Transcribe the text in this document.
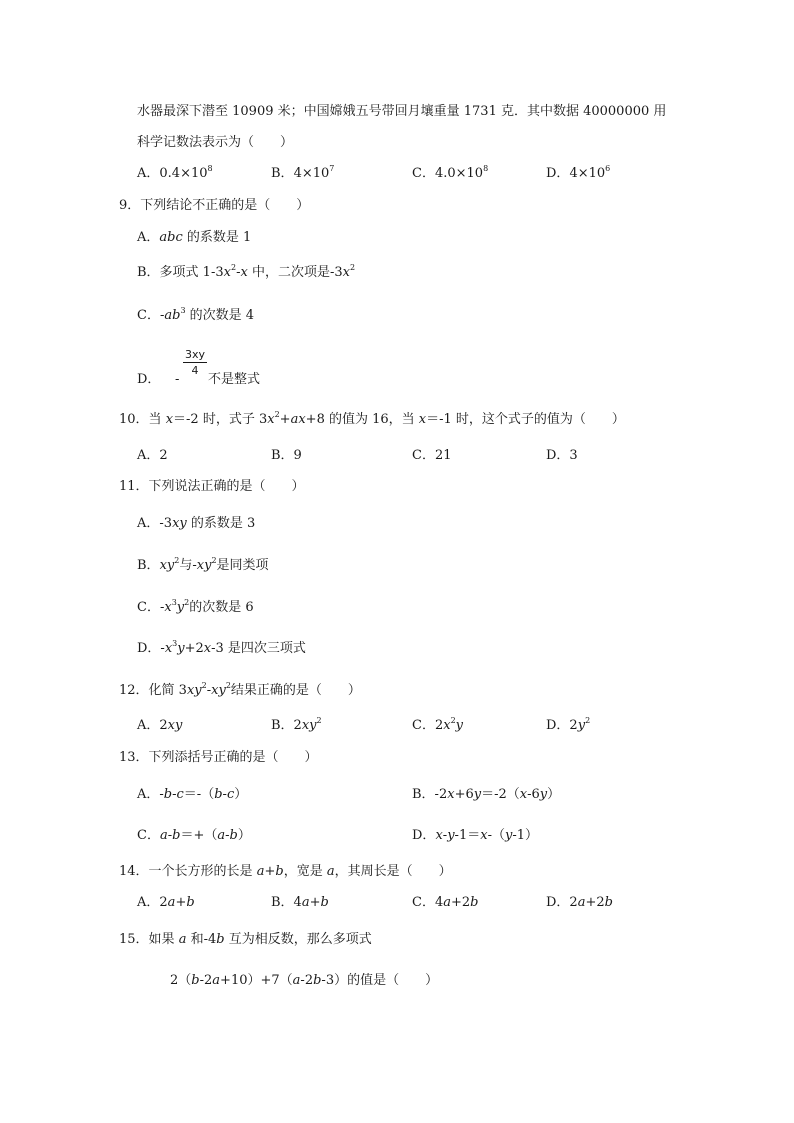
水器最深下潜至 10909 米；中国嫦娥五号带回月壤重量 1731 克．其中数据 40000000 用
科学记数法表示为（　　）
A．$0.4\times 10^8$	B．$4\times 10^7$	C．$4.0\times 10^8$	D．$4\times 10^6$
9．下列结论不正确的是（　　）
A．abc 的系数是 1
B．多项式 $1-3x^2-x$ 中，二次项是$-3x^2$
C．$-ab^3$ 的次数是 4
D． -
$\frac{3xy}{4}$
不是整式
10．当 x＝-2 时，式子 $3x^2+ax+8$ 的值为 16，当 x＝-1 时，这个式子的值为（　　）
A．2	B．9	C．21	D．3
11．下列说法正确的是（　　）
A．-3xy 的系数是 3
B．$xy^2$与$-xy^2$是同类项
C．$-x^3y^2$的次数是 6
D．$-x^3y+2x-3$ 是四次三项式
12．化简 $3xy^2-xy^2$结果正确的是（　　）
A．2xy	B．$2xy^2$	C．$2x^2y$	D．$2y^2$
13．下列添括号正确的是（　　）
A．-b-c＝-（b-c）	B．-2x+6y＝-2（x-6y）
C．a-b＝+（a-b）	D．x-y-1＝x-（y-1）
14．一个长方形的长是 a+b，宽是 a，其周长是（　　）
A．2a+b	B．4a+b	C．4a+2b	D．2a+2b
15．如果 a 和-4b 互为相反数，那么多项式
2（b-2a+10）+7（a-2b-3）的值是（　　）
